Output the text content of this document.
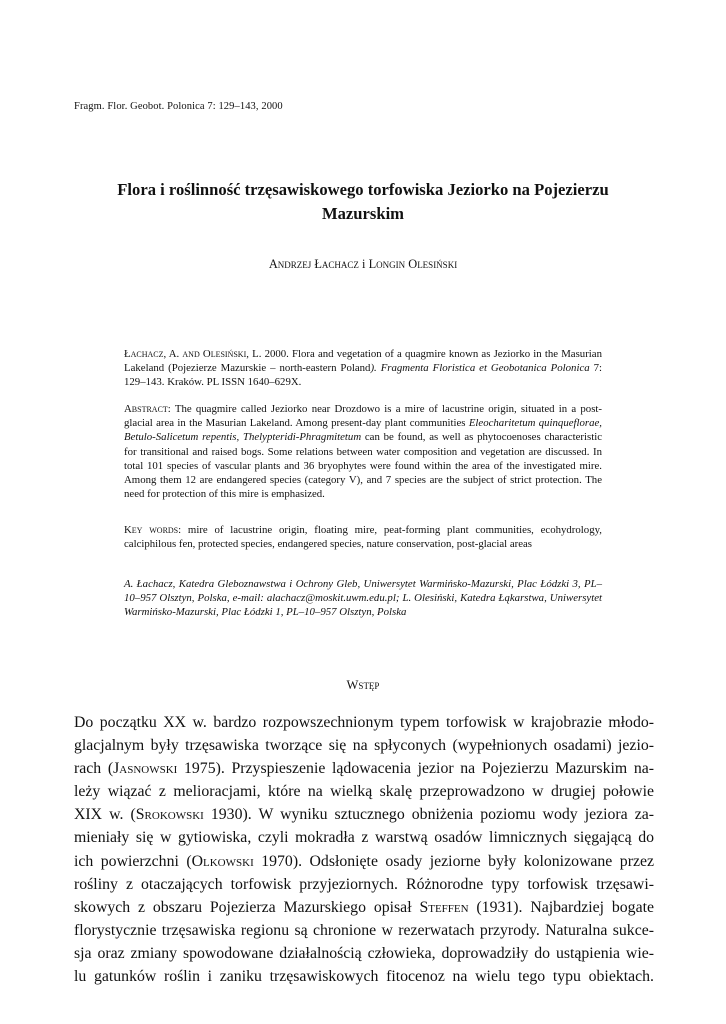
Fragm. Flor. Geobot. Polonica 7: 129–143, 2000
Flora i roślinność trzęsawiskowego torfowiska Jeziorko na Pojezierzu
Mazurskim
Andrzej Łachacz i Longin Olesiński
Łachacz, A. and Olesiński, L. 2000. Flora and vegetation of a quagmire known as Jeziorko in the Masurian Lakeland (Pojezierze Mazurskie – north-eastern Poland). Fragmenta Floristica et Geobotanica Polonica 7: 129–143. Kraków. PL ISSN 1640–629X.
Abstract: The quagmire called Jeziorko near Drozdowo is a mire of lacustrine origin, situated in a post-glacial area in the Masurian Lakeland. Among present-day plant communities Eleocharitetum quinqueflorae, Betulo-Salicetum repentis, Thelypteridi-Phragmitetum can be found, as well as phytocoenoses characteristic for transitional and raised bogs. Some relations between water composition and vegetation are discussed. In total 101 species of vascular plants and 36 bryophytes were found within the area of the investigated mire. Among them 12 are endangered species (category V), and 7 species are the subject of strict protection. The need for protection of this mire is emphasized.
Key words: mire of lacustrine origin, floating mire, peat-forming plant communities, ecohydrology, calciphilous fen, protected species, endangered species, nature conservation, post-glacial areas
A. Łachacz, Katedra Gleboznawstwa i Ochrony Gleb, Uniwersytet Warmińsko-Mazurski, Plac Łódzki 3, PL–10–957 Olsztyn, Polska, e-mail: alachacz@moskit.uwm.edu.pl; L. Olesiński, Katedra Łąkarstwa, Uniwersytet Warmińsko-Mazurski, Plac Łódzki 1, PL–10–957 Olsztyn, Polska
Wstęp
Do początku XX w. bardzo rozpowszechnionym typem torfowisk w krajobrazie młodo-
glacjalnym były trzęsawiska tworzące się na spłyconych (wypełnionych osadami) jezio-
rach (Jasnowski 1975). Przyspieszenie lądowacenia jezior na Pojezierzu Mazurskim na-
leży wiązać z melioracjami, które na wielką skalę przeprowadzono w drugiej połowie
XIX w. (Srokowski 1930). W wyniku sztucznego obniżenia poziomu wody jeziora za-
mieniały się w gytiowiska, czyli mokradła z warstwą osadów limnicznych sięgającą do
ich powierzchni (Olkowski 1970). Odsłonięte osady jeziorne były kolonizowane przez
rośliny z otaczających torfowisk przyjeziornych. Różnorodne typy torfowisk trzęsawi-
skowych z obszaru Pojezierza Mazurskiego opisał Steffen (1931). Najbardziej bogate
florystycznie trzęsawiska regionu są chronione w rezerwatach przyrody. Naturalna sukce-
sja oraz zmiany spowodowane działalnością człowieka, doprowadziły do ustąpienia wie-
lu gatunków roślin i zaniku trzęsawiskowych fitocenoz na wielu tego typu obiektach.
